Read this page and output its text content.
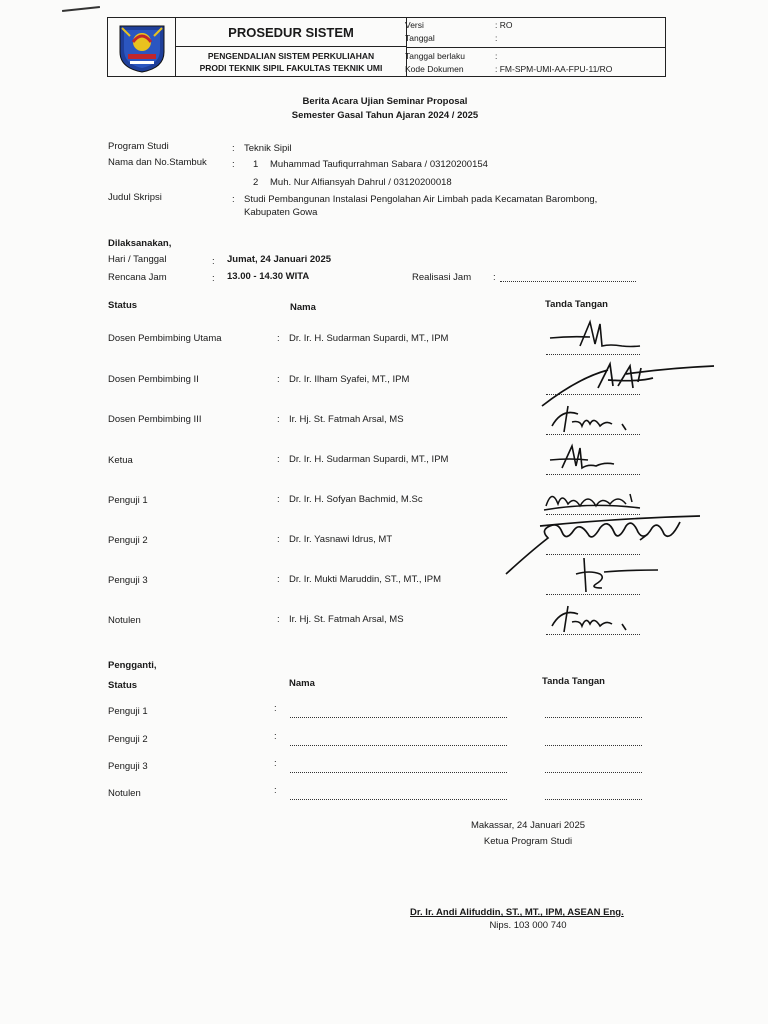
PROSEDUR SISTEM
PENGENDALIAN SISTEM PERKULIAHAN
PRODI TEKNIK SIPIL FAKULTAS TEKNIK UMI
Versi	: RO
Tanggal	:
Tanggal berlaku	:
Kode Dokumen	: FM-SPM-UMI-AA-FPU-11/RO
Berita Acara Ujian Seminar Proposal
Semester Gasal Tahun Ajaran 2024 / 2025
Program Studi	: Teknik Sipil
Nama dan No.Stambuk	: 1 Muhammad Taufiqurrahman Sabara / 03120200154
2 Muh. Nur Alfiansyah Dahrul / 03120200018
Judul Skripsi	: Studi Pembangunan Instalasi Pengolahan Air Limbah pada Kecamatan Barombong,
Kabupaten Gowa
Dilaksanakan,
Hari / Tanggal	: Jumat, 24 Januari 2025
Rencana Jam	: 13.00 - 14.30 WITA	Realisasi Jam :
Status	Nama	Tanda Tangan
Dosen Pembimbing Utama	: Dr. Ir. H. Sudarman Supardi, MT., IPM
Dosen Pembimbing II	: Dr. Ir. Ilham Syafei, MT., IPM
Dosen Pembimbing III	: Ir. Hj. St. Fatmah Arsal, MS
Ketua	: Dr. Ir. H. Sudarman Supardi, MT., IPM
Penguji 1	: Dr. Ir. H. Sofyan Bachmid, M.Sc
Penguji 2	: Dr. Ir. Yasnawi Idrus, MT
Penguji 3	: Dr. Ir. Mukti Maruddin, ST., MT., IPM
Notulen	: Ir. Hj. St. Fatmah Arsal, MS
Pengganti,
Status	Nama	Tanda Tangan
Penguji 1	:
Penguji 2	:
Penguji 3	:
Notulen	:
Makassar, 24 Januari 2025
Ketua Program Studi
Dr. Ir. Andi Alifuddin, ST., MT., IPM, ASEAN Eng.
Nips. 103 000 740
